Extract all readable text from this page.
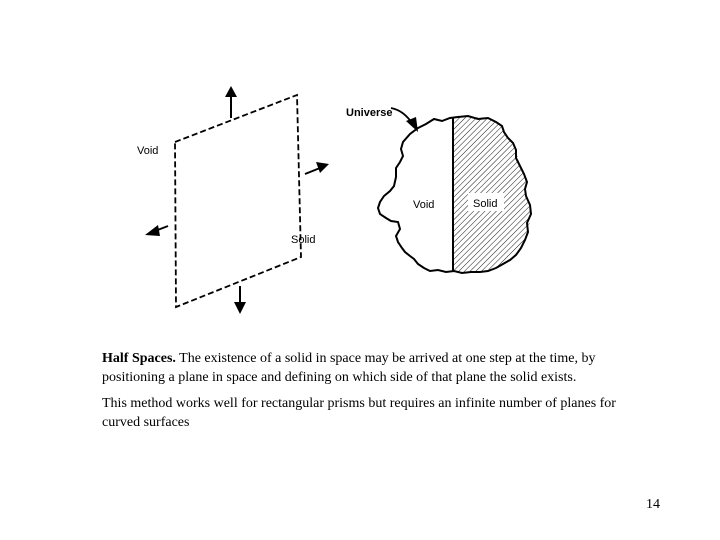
Void
Solid
Universe
Void	Solid

Half Spaces. The existence of a solid in space may be arrived at one step at the time, by positioning a plane in space and defining on which side of that plane the solid exists.

This method works well for rectangular prisms but requires an infinite number of planes for curved surfaces

14
